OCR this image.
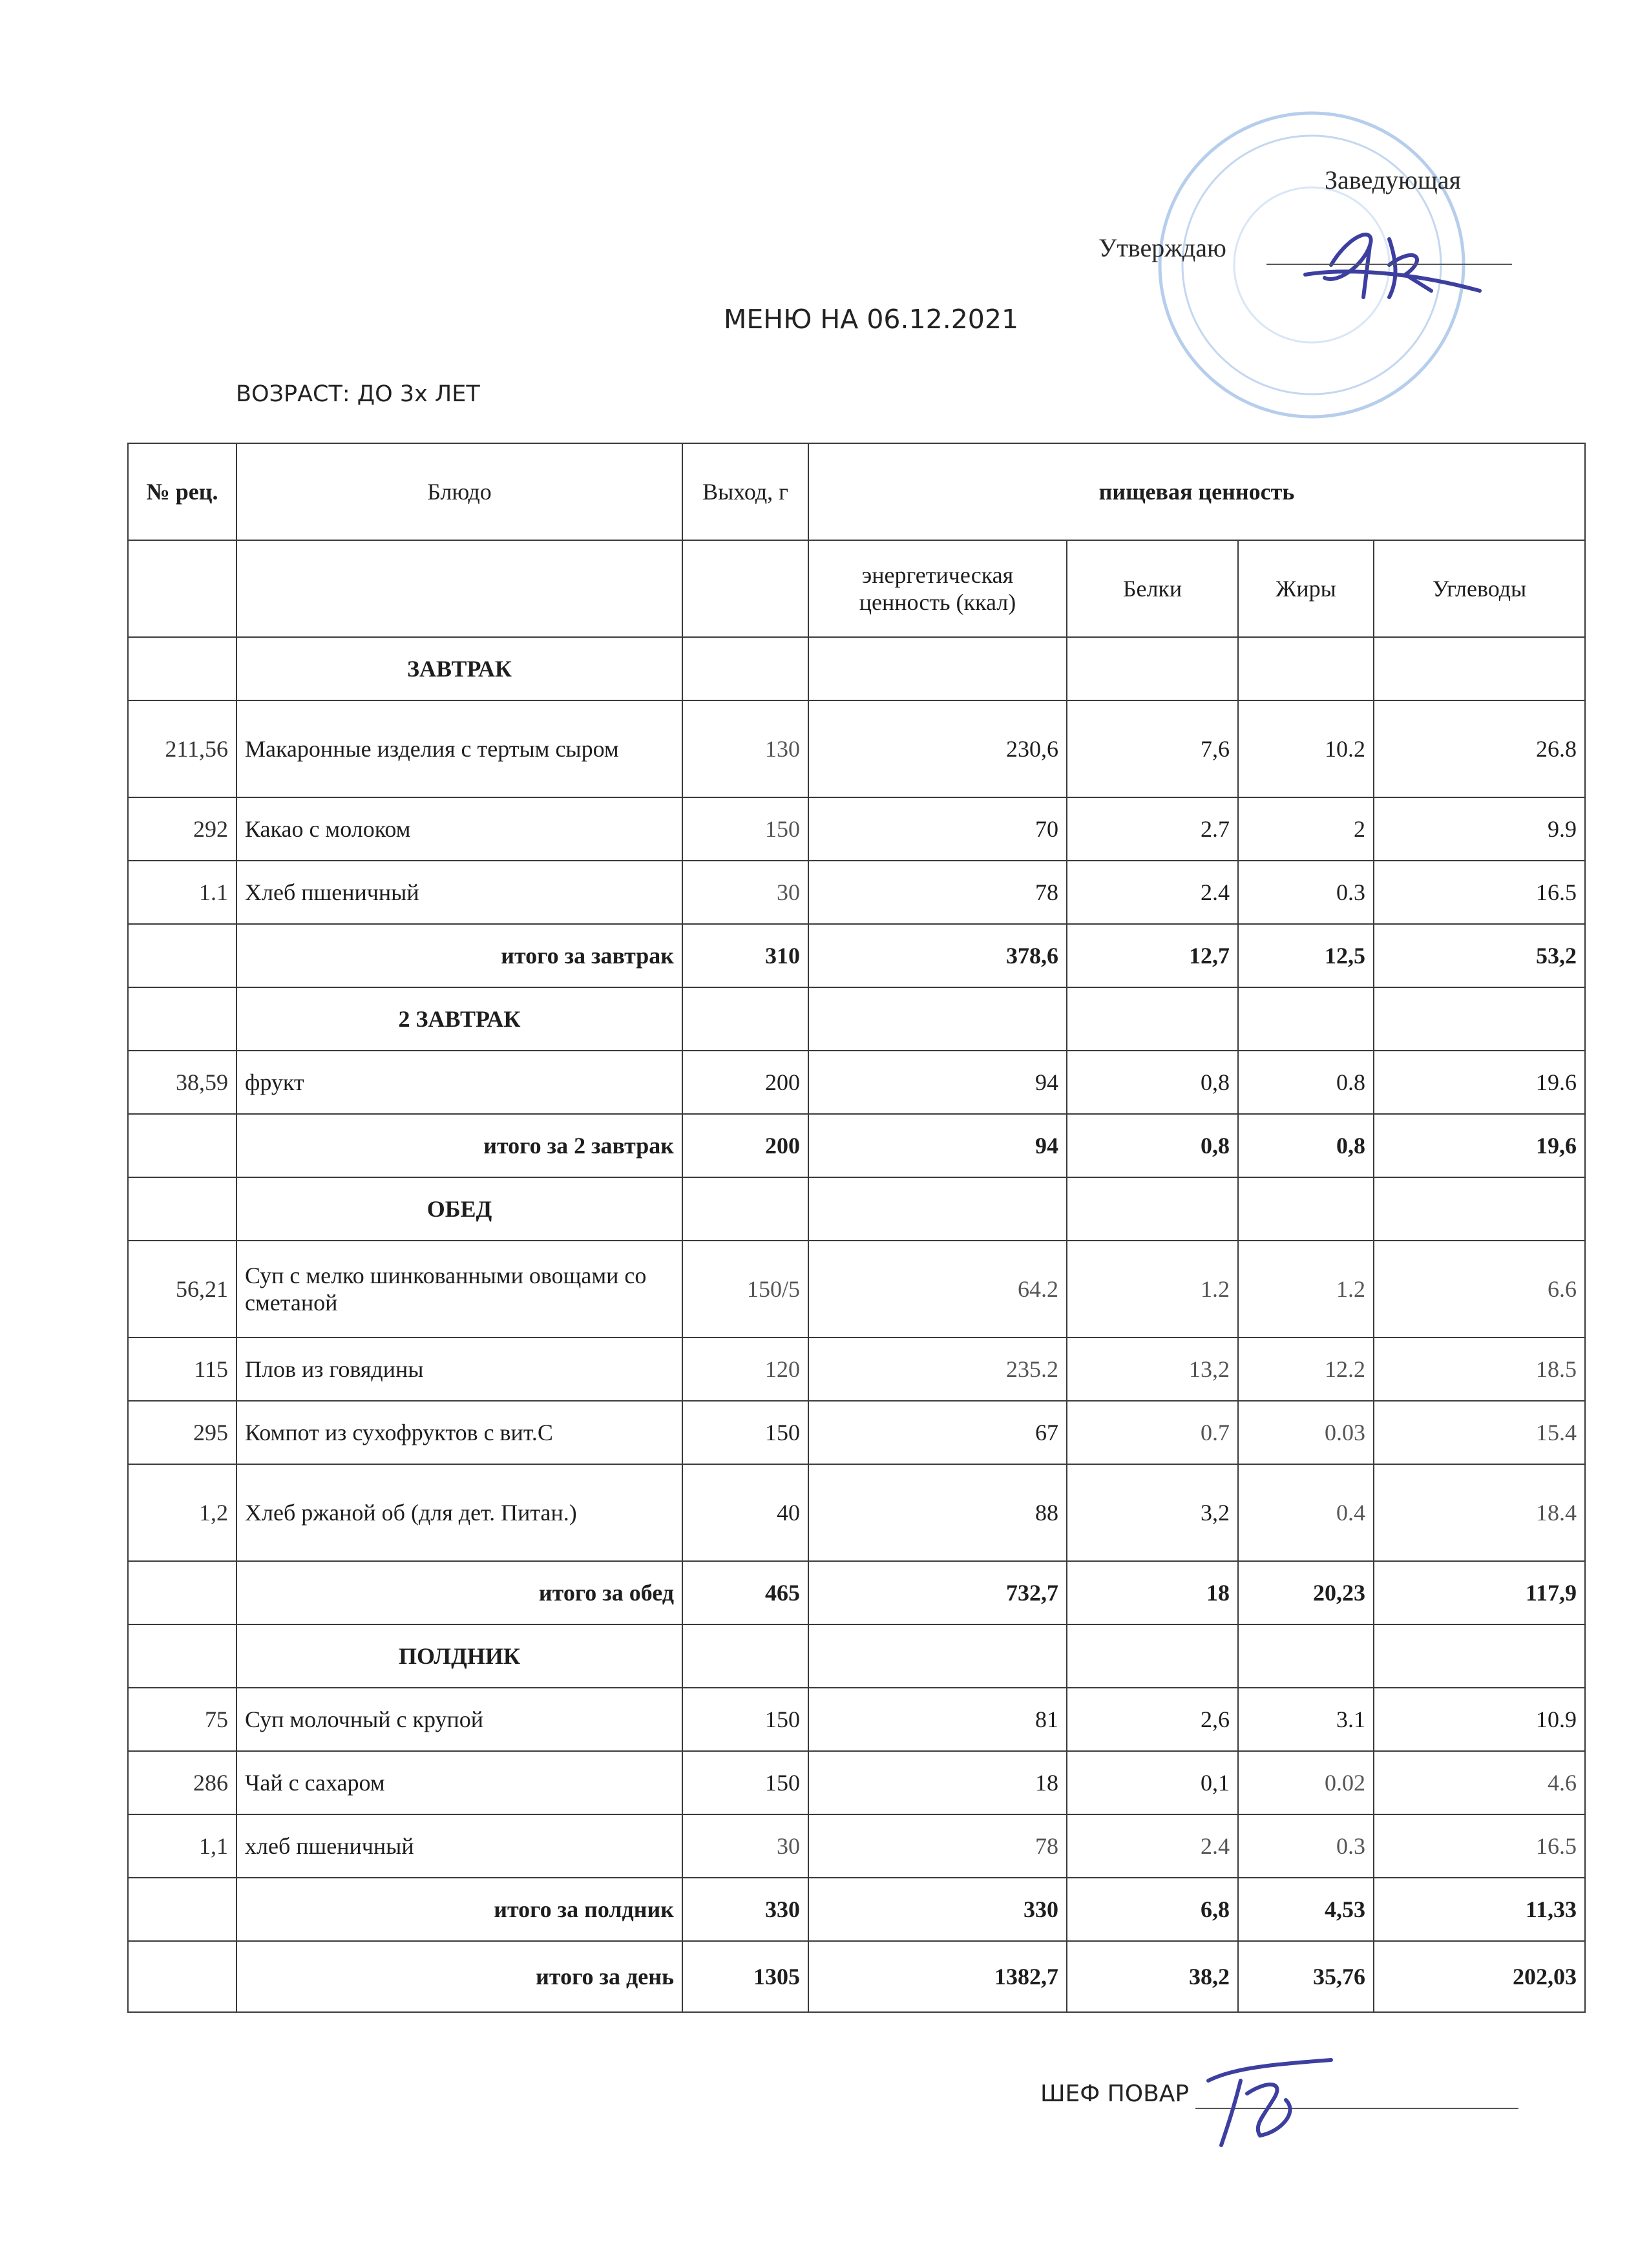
Заведующая
Утверждаю
МЕНЮ НА 06.12.2021
ВОЗРАСТ: ДО 3х ЛЕТ
№ рец.	Блюдо	Выход, г	пищевая ценность			
			энергетическая ценность (ккал)	Белки	Жиры	Углеводы
	ЗАВТРАК					
211,56	Макаронные изделия с тертым сыром	130	230,6	7,6	10.2	26.8
292	Какао с молоком	150	70	2.7	2	9.9
1.1	Хлеб пшеничный	30	78	2.4	0.3	16.5
	итого за завтрак	310	378,6	12,7	12,5	53,2
	2 ЗАВТРАК					
38,59	фрукт	200	94	0,8	0.8	19.6
	итого за 2 завтрак	200	94	0,8	0,8	19,6
	ОБЕД					
56,21	Суп с мелко шинкованными овощами со сметаной	150/5	64.2	1.2	1.2	6.6
115	Плов из говядины	120	235.2	13,2	12.2	18.5
295	Компот из сухофруктов с вит.С	150	67	0.7	0.03	15.4
1,2	Хлеб ржаной об (для дет. Питан.)	40	88	3,2	0.4	18.4
	итого за обед	465	732,7	18	20,23	117,9
	ПОЛДНИК					
75	Суп молочный с крупой	150	81	2,6	3.1	10.9
286	Чай с сахаром	150	18	0,1	0.02	4.6
1,1	хлеб пшеничный	30	78	2.4	0.3	16.5
	итого за полдник	330	330	6,8	4,53	11,33
	итого за день	1305	1382,7	38,2	35,76	202,03
ШЕФ ПОВАР
